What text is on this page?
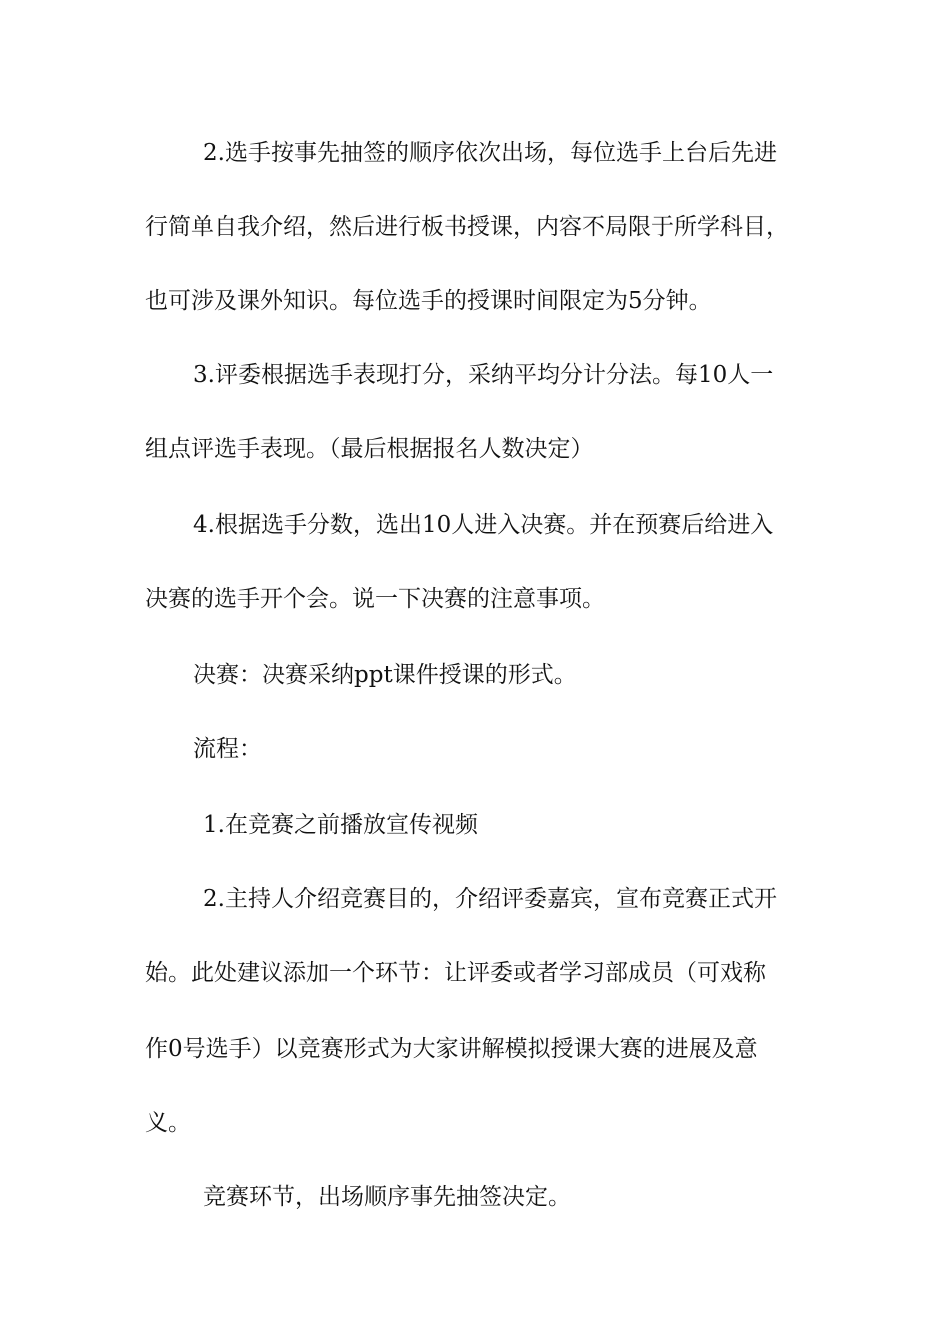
2.选手按事先抽签的顺序依次出场，每位选手上台后先进
行简单自我介绍，然后进行板书授课，内容不局限于所学科目，
也可涉及课外知识。每位选手的授课时间限定为5分钟。
3.评委根据选手表现打分，采纳平均分计分法。每10人一
组点评选手表现。（最后根据报名人数决定）
4.根据选手分数，选出10人进入决赛。并在预赛后给进入
决赛的选手开个会。说一下决赛的注意事项。
决赛：决赛采纳ppt课件授课的形式。
流程：
1.在竞赛之前播放宣传视频
2.主持人介绍竞赛目的，介绍评委嘉宾，宣布竞赛正式开
始。此处建议添加一个环节：让评委或者学习部成员（可戏称
作0号选手）以竞赛形式为大家讲解模拟授课大赛的进展及意
义。
竞赛环节，出场顺序事先抽签决定。
